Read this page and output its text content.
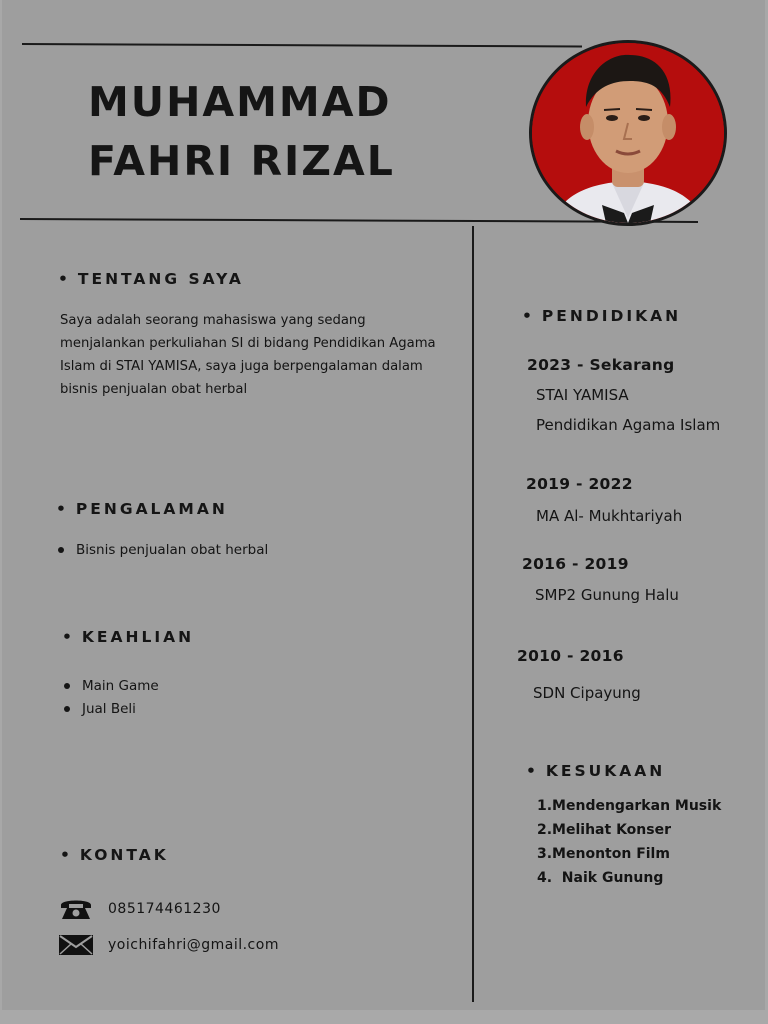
MUHAMMAD
FAHRI RIZAL
• TENTANG SAYA
Saya adalah seorang mahasiswa yang sedang menjalankan perkuliahan SI di bidang Pendidikan Agama Islam di STAI YAMISA, saya juga berpengalaman dalam bisnis penjualan obat herbal
• PENGALAMAN
Bisnis penjualan obat herbal
• KEAHLIAN
Main Game
Jual Beli
• KONTAK
085174461230
yoichifahri@gmail.com
• PENDIDIKAN
2023 - Sekarang
STAI YAMISA
Pendidikan Agama Islam
2019 - 2022
MA Al- Mukhtariyah
2016 - 2019
SMP2 Gunung Halu
2010 - 2016
SDN Cipayung
• KESUKAAN
1.Mendengarkan Musik
2.Melihat Konser
3.Menonton Film
4.  Naik Gunung
